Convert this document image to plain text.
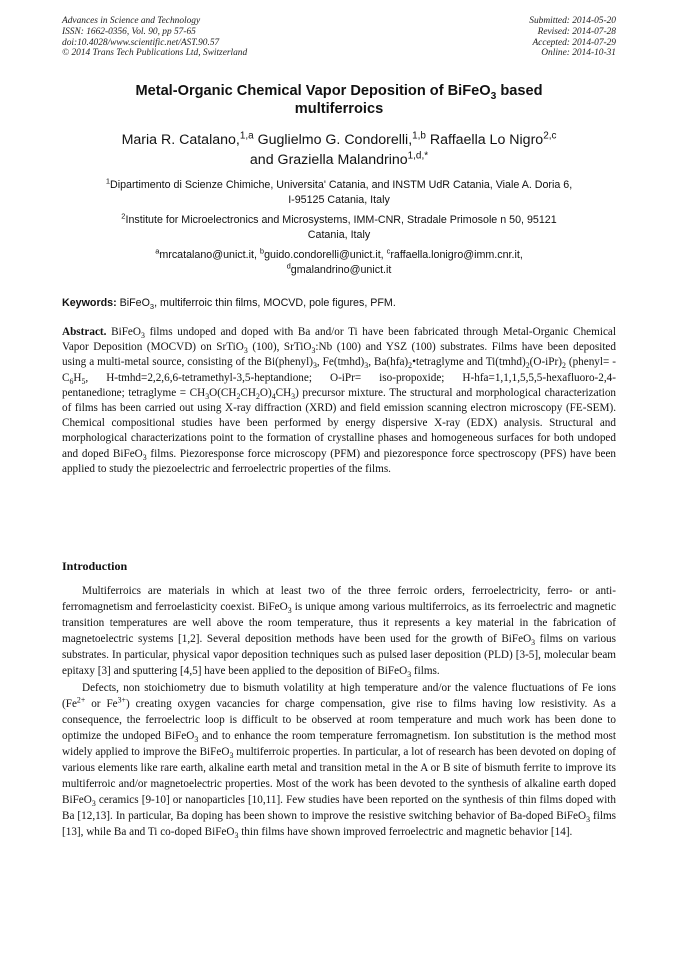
Advances in Science and Technology
ISSN: 1662-0356, Vol. 90, pp 57-65
doi:10.4028/www.scientific.net/AST.90.57
© 2014 Trans Tech Publications Ltd, Switzerland
Submitted: 2014-05-20
Revised: 2014-07-28
Accepted: 2014-07-29
Online: 2014-10-31
Metal-Organic Chemical Vapor Deposition of BiFeO$_3$ based
multiferroics
Maria R. Catalano,$^{1,a}$ Guglielmo G. Condorelli,$^{1,b}$ Raffaella Lo Nigro$^{2,c}$
and Graziella Malandrino$^{1,d,*}$
$^1$Dipartimento di Scienze Chimiche, Universita' Catania, and INSTM UdR Catania, Viale A. Doria 6,
I-95125 Catania, Italy
$^2$Institute for Microelectronics and Microsystems, IMM-CNR, Stradale Primosole n 50, 95121
Catania, Italy
$^a$mrcatalano@unict.it, $^b$guido.condorelli@unict.it, $^c$raffaella.lonigro@imm.cnr.it,
$^d$gmalandrino@unict.it
Keywords: BiFeO$_3$, multiferroic thin films, MOCVD, pole figures, PFM.
Abstract. BiFeO$_3$ films undoped and doped with Ba and/or Ti have been fabricated through Metal-Organic Chemical Vapor Deposition (MOCVD) on SrTiO$_3$ (100), SrTiO$_3$:Nb (100) and YSZ (100) substrates. Films have been deposited using a multi-metal source, consisting of the $Bi(phenyl)_3$, $Fe(tmhd)_3$, $Ba(hfa)_2•tetraglyme$ and $Ti(tmhd)_2(O-iPr)_2$ (phenyl= $-C_6H_5$, H-tmhd=2,2,6,6-tetramethyl-3,5-heptandione; O-iPr= iso-propoxide; H-hfa=1,1,1,5,5,5-hexafluoro-2,4-pentanedione; tetraglyme = $CH_3O(CH_2CH_2O)_4CH_3$) precursor mixture. The structural and morphological characterization of films has been carried out using X-ray diffraction (XRD) and field emission scanning electron microscopy (FE-SEM). Chemical compositional studies have been performed by energy dispersive X-ray (EDX) analysis. Structural and morphological characterizations point to the formation of crystalline phases and homogeneous surfaces for both undoped and doped BiFeO$_3$ films. Piezoresponse force microscopy (PFM) and piezoresponce force spectroscopy (PFS) have been applied to study the piezoelectric and ferroelectric properties of the films.
Introduction

Multiferroics are materials in which at least two of the three ferroic orders, ferroelectricity, ferro- or anti-ferromagnetism and ferroelasticity coexist. BiFeO$_3$ is unique among various multiferroics, as its ferroelectric and magnetic transition temperatures are well above the room temperature, thus it represents a key material in the fabrication of magnetoelectric systems [1,2]. Several deposition methods have been used for the growth of BiFeO$_3$ films on various substrates. In particular, physical vapor deposition techniques such as pulsed laser deposition (PLD) [3-5], molecular beam epitaxy [3] and sputtering [4,5] have been applied to the deposition of BiFeO$_3$ films.

Defects, non stoichiometry due to bismuth volatility at high temperature and/or the valence fluctuations of Fe ions ($Fe^{2+}$ or $Fe^{3+}$) creating oxygen vacancies for charge compensation, give rise to films having low resistivity. As a consequence, the ferroelectric loop is difficult to be observed at room temperature and much work has been done to optimize the undoped BiFeO$_3$ and to enhance the room temperature ferromagnetism. Ion substitution is the method most widely applied to improve the BiFeO$_3$ multiferroic properties. In particular, a lot of research has been devoted on doping of various elements like rare earth, alkaline earth metal and transition metal in the A or B site of bismuth ferrite to improve its multiferroic and/or magnetoelectric properties. Most of the work has been devoted to the synthesis of alkaline earth doped BiFeO$_3$ ceramics [9-10] or nanoparticles [10,11]. Few studies have been reported on the synthesis of thin films doped with Ba [12,13]. In particular, Ba doping has been shown to improve the resistive switching behavior of Ba-doped BiFeO$_3$ films [13], while Ba and Ti co-doped BiFeO$_3$ thin films have shown improved ferroelectric and magnetic behavior [14].
